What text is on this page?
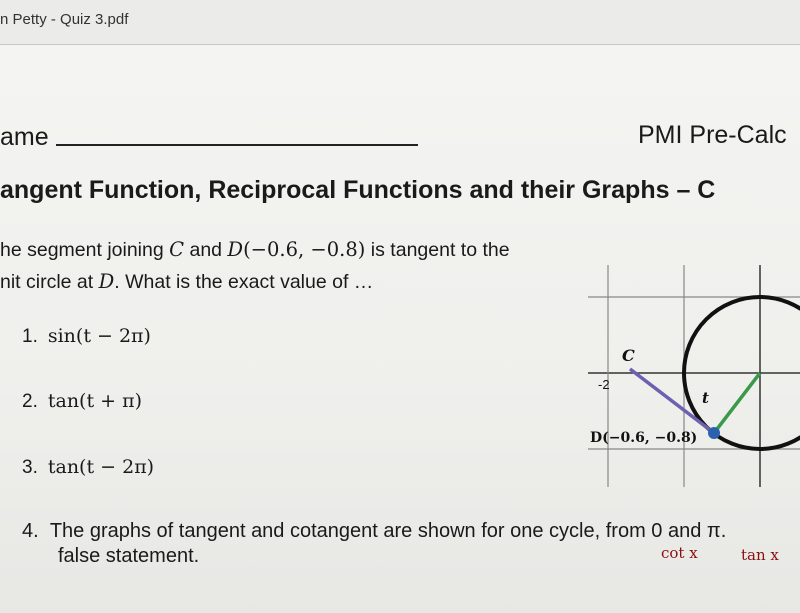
n Petty - Quiz 3.pdf
ame	PMI Pre-Calc
angent Function, Reciprocal Functions and their Graphs – C
he segment joining C and D(−0.6, −0.8) is tangent to the
nit circle at D. What is the exact value of …
1. sin(t − 2π)
2. tan(t + π)
3. tan(t − 2π)
4. The graphs of tangent and cotangent are shown for one cycle, from 0 and π.
false statement.	cot x	tan x
C
t
-2
D(−0.6, −0.8)
